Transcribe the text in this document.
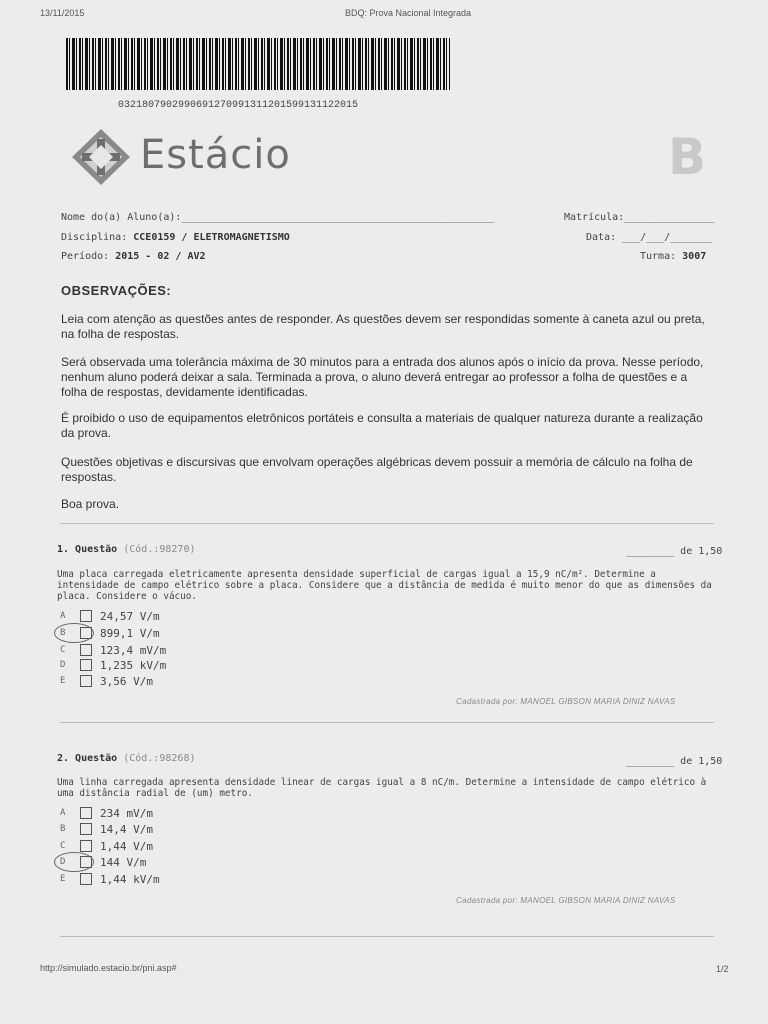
13/11/2015	BDQ: Prova Nacional Integrada
0321807902990691270991311201599131122015
Estácio	B
Nome do(a) Aluno(a):____________________________________________________	Matrícula:_______________
Disciplina: CCE0159 / ELETROMAGNETISMO	Data: ___/___/_______
Período: 2015 - 02 / AV2	Turma: 3007
OBSERVAÇÕES:
Leia com atenção as questões antes de responder. As questões devem ser respondidas somente à caneta azul ou preta, na folha de respostas.
Será observada uma tolerância máxima de 30 minutos para a entrada dos alunos após o início da prova. Nesse período, nenhum aluno poderá deixar a sala. Terminada a prova, o aluno deverá entregar ao professor a folha de questões e a folha de respostas, devidamente identificadas.
É proibido o uso de equipamentos eletrônicos portáteis e consulta a materiais de qualquer natureza durante a realização da prova.
Questões objetivas e discursivas que envolvam operações algébricas devem possuir a memória de cálculo na folha de respostas.
Boa prova.
1. Questão (Cód.:98270)	________ de 1,50
Uma placa carregada eletricamente apresenta densidade superficial de cargas igual a 15,9 nC/m². Determine a intensidade de campo elétrico sobre a placa. Considere que a distância de medida é muito menor do que as dimensões da placa. Considere o vácuo.
A	24,57 V/m
B	899,1 V/m
C	123,4 mV/m
D	1,235 kV/m
E	3,56 V/m
Cadastrada por: MANOEL GIBSON MARIA DINIZ NAVAS
2. Questão (Cód.:98268)	________ de 1,50
Uma linha carregada apresenta densidade linear de cargas igual a 8 nC/m. Determine a intensidade de campo elétrico à uma distância radial de (um) metro.
A	234 mV/m
B	14,4 V/m
C	1,44 V/m
D	144 V/m
E	1,44 kV/m
Cadastrada por: MANOEL GIBSON MARIA DINIZ NAVAS
http://simulado.estacio.br/pni.asp#	1/2
